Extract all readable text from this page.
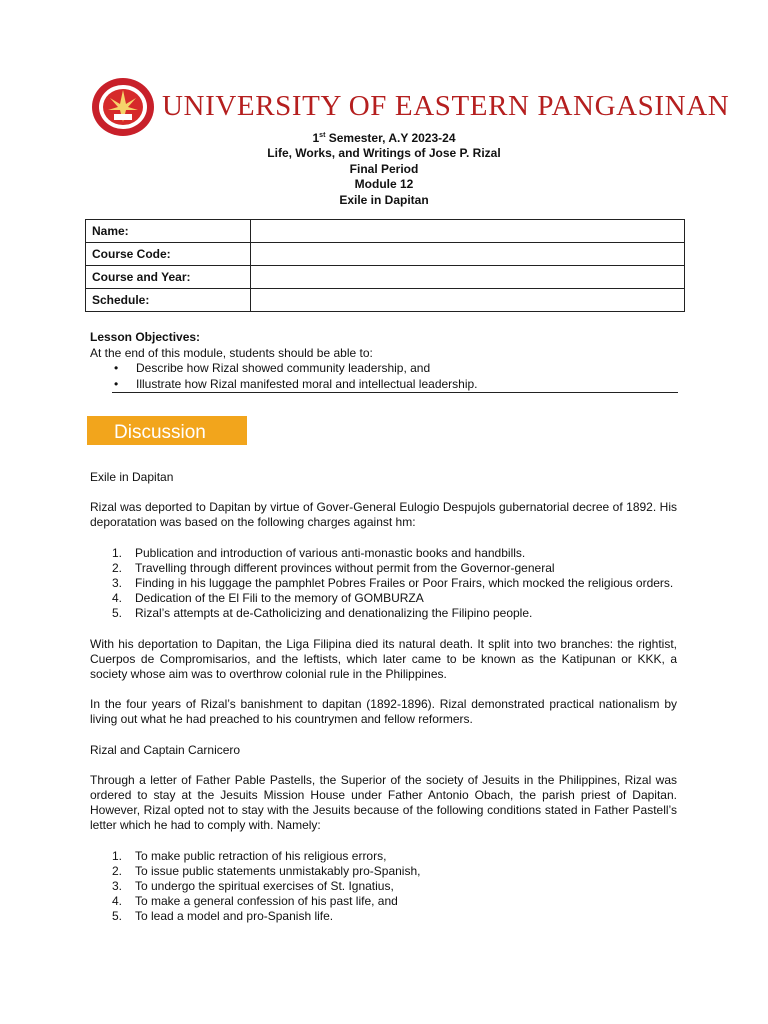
UNIVERSITY OF EASTERN PANGASINAN
1st Semester, A.Y 2023-24
Life, Works, and Writings of Jose P. Rizal
Final Period
Module 12
Exile in Dapitan
Name:	
Course Code:	
Course and Year:	
Schedule:	
Lesson Objectives:
At the end of this module, students should be able to:
• Describe how Rizal showed community leadership, and
• Illustrate how Rizal manifested moral and intellectual leadership.
Discussion

Exile in Dapitan

Rizal was deported to Dapitan by virtue of Gover-General Eulogio Despujols gubernatorial decree of 1892. His deporatation was based on the following charges against hm:

1. Publication and introduction of various anti-monastic books and handbills.
2. Travelling through different provinces without permit from the Governor-general
3. Finding in his luggage the pamphlet Pobres Frailes or Poor Frairs, which mocked the religious orders.
4. Dedication of the El Fili to the memory of GOMBURZA
5. Rizal’s attempts at de-Catholicizing and denationalizing the Filipino people.

With his deportation to Dapitan, the Liga Filipina died its natural death. It split into two branches: the rightist, Cuerpos de Compromisarios, and the leftists, which later came to be known as the Katipunan or KKK, a society whose aim was to overthrow colonial rule in the Philippines.

In the four years of Rizal’s banishment to dapitan (1892-1896). Rizal demonstrated practical nationalism by living out what he had preached to his countrymen and fellow reformers.

Rizal and Captain Carnicero

Through a letter of Father Pable Pastells, the Superior of the society of Jesuits in the Philippines, Rizal was ordered to stay at the Jesuits Mission House under Father Antonio Obach, the parish priest of Dapitan. However, Rizal opted not to stay with the Jesuits because of the following conditions stated in Father Pastell’s letter which he had to comply with. Namely:

1. To make public retraction of his religious errors,
2. To issue public statements unmistakably pro-Spanish,
3. To undergo the spiritual exercises of St. Ignatius,
4. To make a general confession of his past life, and
5. To lead a model and pro-Spanish life.
